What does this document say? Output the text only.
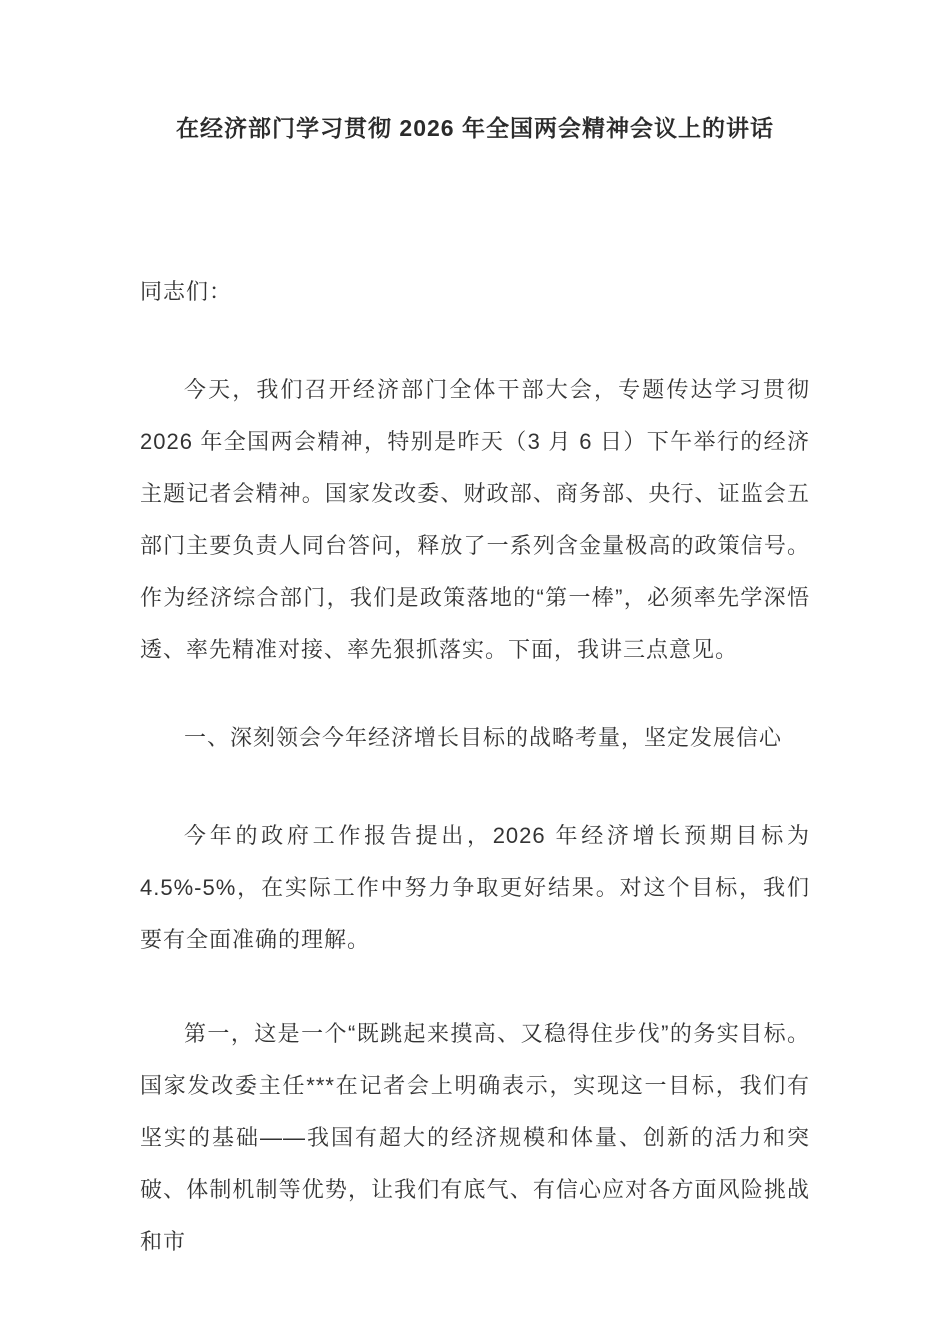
在经济部门学习贯彻 2026 年全国两会精神会议上的讲话

同志们：

今天，我们召开经济部门全体干部大会，专题传达学习贯彻 2026 年全国两会精神，特别是昨天（3 月 6 日）下午举行的经济主题记者会精神。国家发改委、财政部、商务部、央行、证监会五部门主要负责人同台答问，释放了一系列含金量极高的政策信号。作为经济综合部门，我们是政策落地的“第一棒”，必须率先学深悟透、率先精准对接、率先狠抓落实。下面，我讲三点意见。

一、深刻领会今年经济增长目标的战略考量，坚定发展信心

今年的政府工作报告提出，2026 年经济增长预期目标为 4.5%-5%，在实际工作中努力争取更好结果。对这个目标，我们要有全面准确的理解。

第一，这是一个“既跳起来摸高、又稳得住步伐”的务实目标。国家发改委主任***在记者会上明确表示，实现这一目标，我们有坚实的基础——我国有超大的经济规模和体量、创新的活力和突破、体制机制等优势，让我们有底气、有信心应对各方面风险挑战和市
